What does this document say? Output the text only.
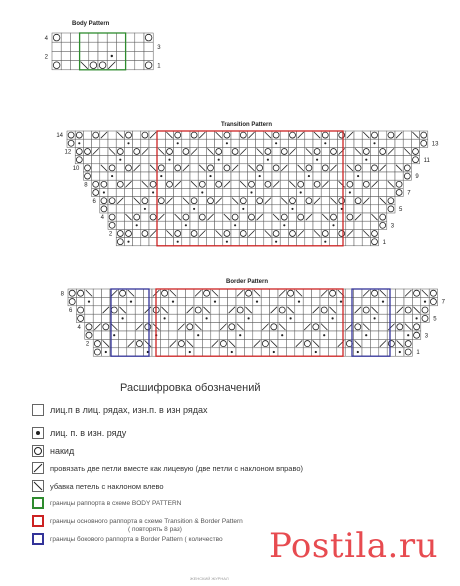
Body Pattern
Transition Pattern
Border Pattern
4
2
3
1
14
12
10
8
6
4
2
13
11
9
7
5
3
1
8
6
4
2
7
5
3
1
Расшифровка обозначений
лиц.п в лиц. рядах, изн.п. в изн рядах
лиц. п. в изн. ряду
накид
провязать две петли вместе как лицевую (две петли с наклоном вправо)
убавка петель с наклоном влево
границы раппорта в схеме BODY PATTERN
границы основного раппорта в схеме Transition & Border Pattern
( повторять 8 раз)
границы бокового раппорта в Border Pattern ( количество Postila.ru
ЖЕНСКИЙ ЖУРНАЛ
